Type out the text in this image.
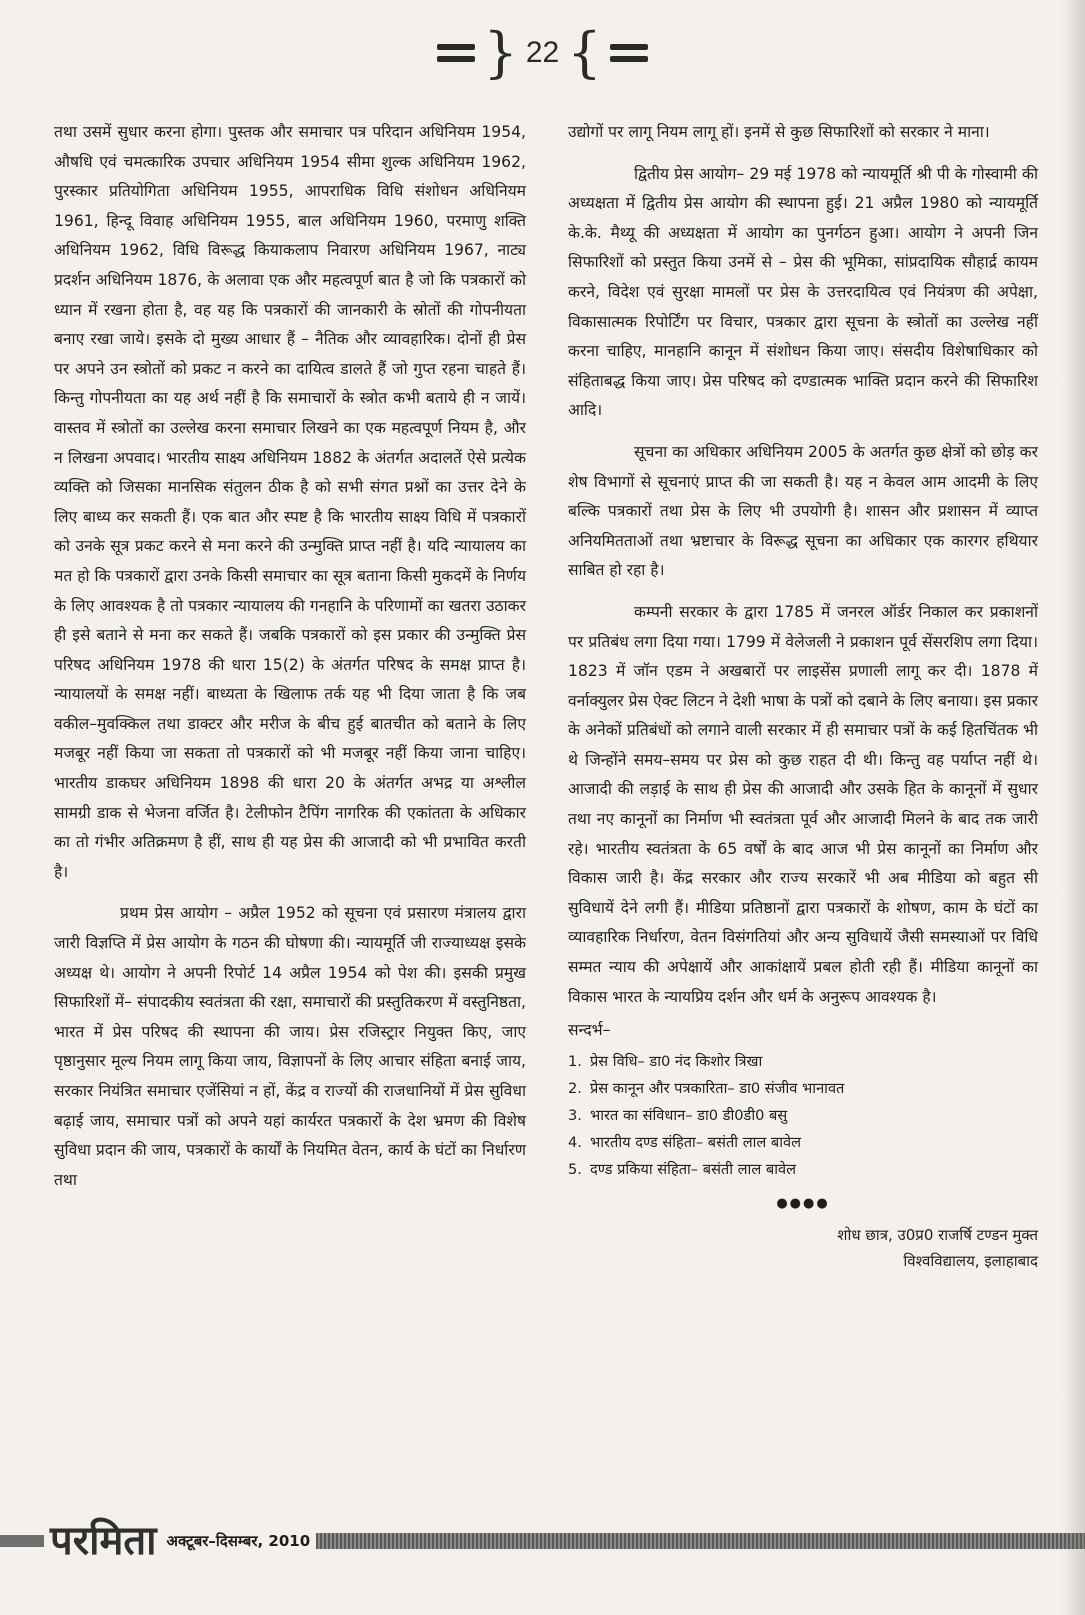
} 22 {

तथा उसमें सुधार करना होगा। पुस्तक और समाचार पत्र परिदान अधिनियम 1954, औषधि एवं चमत्कारिक उपचार अधिनियम 1954 सीमा शुल्क अधिनियम 1962, पुरस्कार प्रतियोगिता अधिनियम 1955, आपराधिक विधि संशोधन अधिनियम 1961, हिन्दू विवाह अधिनियम 1955, बाल अधिनियम 1960, परमाणु शक्ति अधिनियम 1962, विधि विरूद्ध कियाकलाप निवारण अधिनियम 1967, नाट्य प्रदर्शन अधिनियम 1876, के अलावा एक और महत्वपूर्ण बात है जो कि पत्रकारों को ध्यान में रखना होता है, वह यह कि पत्रकारों की जानकारी के स्रोतों की गोपनीयता बनाए रखा जाये। इसके दो मुख्य आधार हैं – नैतिक और व्यावहारिक। दोनों ही प्रेस पर अपने उन स्त्रोतों को प्रकट न करने का दायित्व डालते हैं जो गुप्त रहना चाहते हैं। किन्तु गोपनीयता का यह अर्थ नहीं है कि समाचारों के स्त्रोत कभी बताये ही न जायें। वास्तव में स्त्रोतों का उल्लेख करना समाचार लिखने का एक महत्वपूर्ण नियम है, और न लिखना अपवाद। भारतीय साक्ष्य अधिनियम 1882 के अंतर्गत अदालतें ऐसे प्रत्येक व्यक्ति को जिसका मानसिक संतुलन ठीक है को सभी संगत प्रश्नों का उत्तर देने के लिए बाध्य कर सकती हैं। एक बात और स्पष्ट है कि भारतीय साक्ष्य विधि में पत्रकारों को उनके सूत्र प्रकट करने से मना करने की उन्मुक्ति प्राप्त नहीं है। यदि न्यायालय का मत हो कि पत्रकारों द्वारा उनके किसी समाचार का सूत्र बताना किसी मुकदमें के निर्णय के लिए आवश्यक है तो पत्रकार न्यायालय की गनहानि के परिणामों का खतरा उठाकर ही इसे बताने से मना कर सकते हैं। जबकि पत्रकारों को इस प्रकार की उन्मुक्ति प्रेस परिषद अधिनियम 1978 की धारा 15(2) के अंतर्गत परिषद के समक्ष प्राप्त है। न्यायालयों के समक्ष नहीं। बाध्यता के खिलाफ तर्क यह भी दिया जाता है कि जब वकील–मुवक्किल तथा डाक्टर और मरीज के बीच हुई बातचीत को बताने के लिए मजबूर नहीं किया जा सकता तो पत्रकारों को भी मजबूर नहीं किया जाना चाहिए। भारतीय डाकघर अधिनियम 1898 की धारा 20 के अंतर्गत अभद्र या अश्लील सामग्री डाक से भेजना वर्जित है। टेलीफोन टैपिंग नागरिक की एकांतता के अधिकार का तो गंभीर अतिक्रमण है हीं, साथ ही यह प्रेस की आजादी को भी प्रभावित करती है।

प्रथम प्रेस आयोग – अप्रैल 1952 को सूचना एवं प्रसारण मंत्रालय द्वारा जारी विज्ञप्ति में प्रेस आयोग के गठन की घोषणा की। न्यायमूर्ति जी राज्याध्यक्ष इसके अध्यक्ष थे। आयोग ने अपनी रिपोर्ट 14 अप्रैल 1954 को पेश की। इसकी प्रमुख सिफारिशों में– संपादकीय स्वतंत्रता की रक्षा, समाचारों की प्रस्तुतिकरण में वस्तुनिष्ठता, भारत में प्रेस परिषद की स्थापना की जाय। प्रेस रजिस्ट्रार नियुक्त किए, जाए पृष्ठानुसार मूल्य नियम लागू किया जाय, विज्ञापनों के लिए आचार संहिता बनाई जाय, सरकार नियंत्रित समाचार एजेंसियां न हों, केंद्र व राज्यों की राजधानियों में प्रेस सुविधा बढ़ाई जाय, समाचार पत्रों को अपने यहां कार्यरत पत्रकारों के देश भ्रमण की विशेष सुविधा प्रदान की जाय, पत्रकारों के कार्यों के नियमित वेतन, कार्य के घंटों का निर्धारण तथा

उद्योगों पर लागू नियम लागू हों। इनमें से कुछ सिफारिशों को सरकार ने माना।

द्वितीय प्रेस आयोग– 29 मई 1978 को न्यायमूर्ति श्री पी के गोस्वामी की अध्यक्षता में द्वितीय प्रेस आयोग की स्थापना हुई। 21 अप्रैल 1980 को न्यायमूर्ति के.के. मैथ्यू की अध्यक्षता में आयोग का पुनर्गठन हुआ। आयोग ने अपनी जिन सिफारिशों को प्रस्तुत किया उनमें से – प्रेस की भूमिका, सांप्रदायिक सौहार्द्र कायम करने, विदेश एवं सुरक्षा मामलों पर प्रेस के उत्तरदायित्व एवं नियंत्रण की अपेक्षा, विकासात्मक रिपोर्टिंग पर विचार, पत्रकार द्वारा सूचना के स्त्रोतों का उल्लेख नहीं करना चाहिए, मानहानि कानून में संशोधन किया जाए। संसदीय विशेषाधिकार को संहिताबद्ध किया जाए। प्रेस परिषद को दण्डात्मक भाक्ति प्रदान करने की सिफारिश आदि।

सूचना का अधिकार अधिनियम 2005 के अतर्गत कुछ क्षेत्रों को छोड़ कर शेष विभागों से सूचनाएं प्राप्त की जा सकती है। यह न केवल आम आदमी के लिए बल्कि पत्रकारों तथा प्रेस के लिए भी उपयोगी है। शासन और प्रशासन में व्याप्त अनियमितताओं तथा भ्रष्टाचार के विरूद्ध सूचना का अधिकार एक कारगर हथियार साबित हो रहा है।

कम्पनी सरकार के द्वारा 1785 में जनरल ऑर्डर निकाल कर प्रकाशनों पर प्रतिबंध लगा दिया गया। 1799 में वेलेजली ने प्रकाशन पूर्व सेंसरशिप लगा दिया। 1823 में जॉन एडम ने अखबारों पर लाइसेंस प्रणाली लागू कर दी। 1878 में वर्नाक्युलर प्रेस ऐक्ट लिटन ने देशी भाषा के पत्रों को दबाने के लिए बनाया। इस प्रकार के अनेकों प्रतिबंधों को लगाने वाली सरकार में ही समाचार पत्रों के कई हितचिंतक भी थे जिन्होंने समय–समय पर प्रेस को कुछ राहत दी थी। किन्तु वह पर्याप्त नहीं थे। आजादी की लड़ाई के साथ ही प्रेस की आजादी और उसके हित के कानूनों में सुधार तथा नए कानूनों का निर्माण भी स्वतंत्रता पूर्व और आजादी मिलने के बाद तक जारी रहे। भारतीय स्वतंत्रता के 65 वर्षों के बाद आज भी प्रेस कानूनों का निर्माण और विकास जारी है। केंद्र सरकार और राज्य सरकारें भी अब मीडिया को बहुत सी सुविधायें देने लगी हैं। मीडिया प्रतिष्ठानों द्वारा पत्रकारों के शोषण, काम के घंटों का व्यावहारिक निर्धारण, वेतन विसंगतियां और अन्य सुविधायें जैसी समस्याओं पर विधि सम्मत न्याय की अपेक्षायें और आकांक्षायें प्रबल होती रही हैं। मीडिया कानूनों का विकास भारत के न्यायप्रिय दर्शन और धर्म के अनुरूप आवश्यक है।

सन्दर्भ–
1. प्रेस विधि– डा0 नंद किशोर त्रिखा
2. प्रेस कानून और पत्रकारिता– डा0 संजीव भानावत
3. भारत का संविधान– डा0 डी0डी0 बसु
4. भारतीय दण्ड संहिता– बसंती लाल बावेल
5. दण्ड प्रकिया संहिता– बसंती लाल बावेल
●●●●
शोध छात्र, उ0प्र0 राजर्षि टण्डन मुक्त
विश्वविद्यालय, इलाहाबाद
परमिता अक्टूबर–दिसम्बर, 2010
